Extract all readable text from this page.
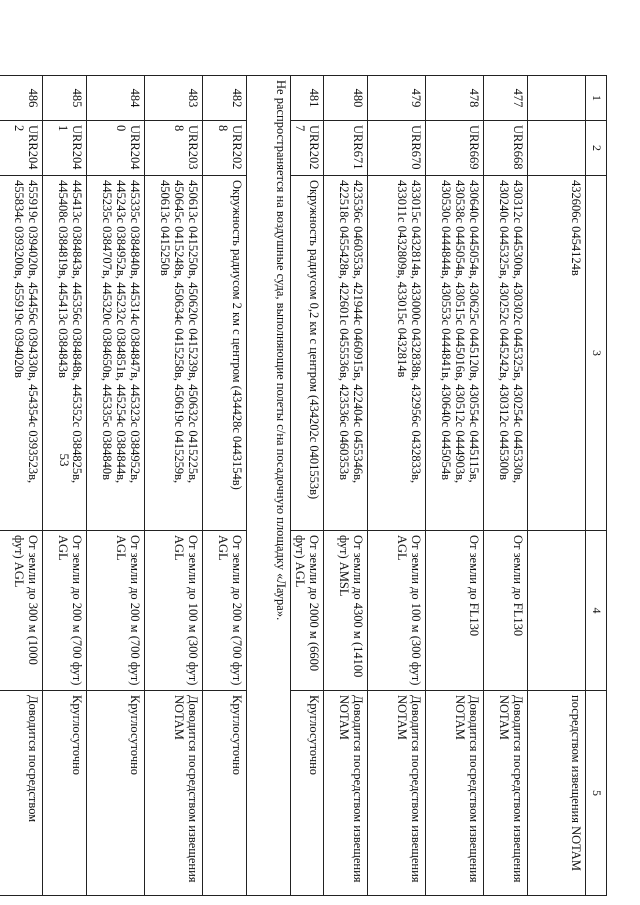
53
1	2	3	4	5
		432606с 0454124в		посредством извещения NOTAM
477	URR668	430312с 0445300в, 430302с 0445325в, 430254с 0445330в, 430240с 0445325в, 430252с 0445242в, 430312с 0445300в	От земли до FL130	Доводится посредством извещения NOTAM
478	URR669	430640с 0445054в, 430625с 0445120в, 430554с 0445115в, 430538с 0445054в, 430515с 0445016в, 430512с 0444903в, 430530с 0444844в, 430553с 0444841в, 430640с 0445054в	От земли до FL130	Доводится посредством извещения NOTAM
479	URR670	433015с 0432814в, 433000с 0432838в, 432956с 0432833в, 433011с 0432809в, 433015с 0432814в	От земли до 100 м (300 фут) AGL	Доводится посредством извещения NOTAM
480	URR671	423536с 0460353в, 421944с 0460915в, 422404с 0455346в, 422518с 0455428в, 422601с 0455536в, 423536с 0460353в	От земли до 4300 м (14100 фут) AMSL	Доводится посредством извещения NOTAM
481	URR2027	Окружность радиусом 0,2 км с центром (434202с 0401553в)	От земли до 2000 м (6600 фут) AGL	Круглосуточно
Не распространяется на воздушные суда, выполняющие полеты с/на посадочную площадку «Лаура».				
482	URR2028	Окружность радиусом 2 км с центром (434428с 0443154в)	От земли до 200 м (700 фут) AGL	Круглосуточно
483	URR2038	450613с 0415250в, 450620с 0415239в, 450632с 0415225в, 450645с 0415248в, 450634с 0415258в, 450619с 0415259в, 450613с 0415250в	От земли до 100 м (300 фут) AGL	Доводится посредством извещения NOTAM
484	URR2040	445335с 0384840в, 445314с 0384847в, 445323с 0384952в, 445243с 0384952в, 445232с 0384851в, 445254с 0384844в, 445235с 0384707в, 445320с 0384650в, 445335с 0384840в	От земли до 200 м (700 фут) AGL	Круглосуточно
485	URR2041	445413с 0384843в, 445356с 0384848в, 445352с 0384825в, 445408с 0384819в, 445413с 0384843в	От земли до 200 м (700 фут) AGL	Круглосуточно
486	URR2042	455919с 0394020в, 454456с 0394330в, 454354с 0393523в, 455834с 0393200в, 455919с 0394020в	От земли до 300 м (1000 фут) AGL	Доводится посредством
